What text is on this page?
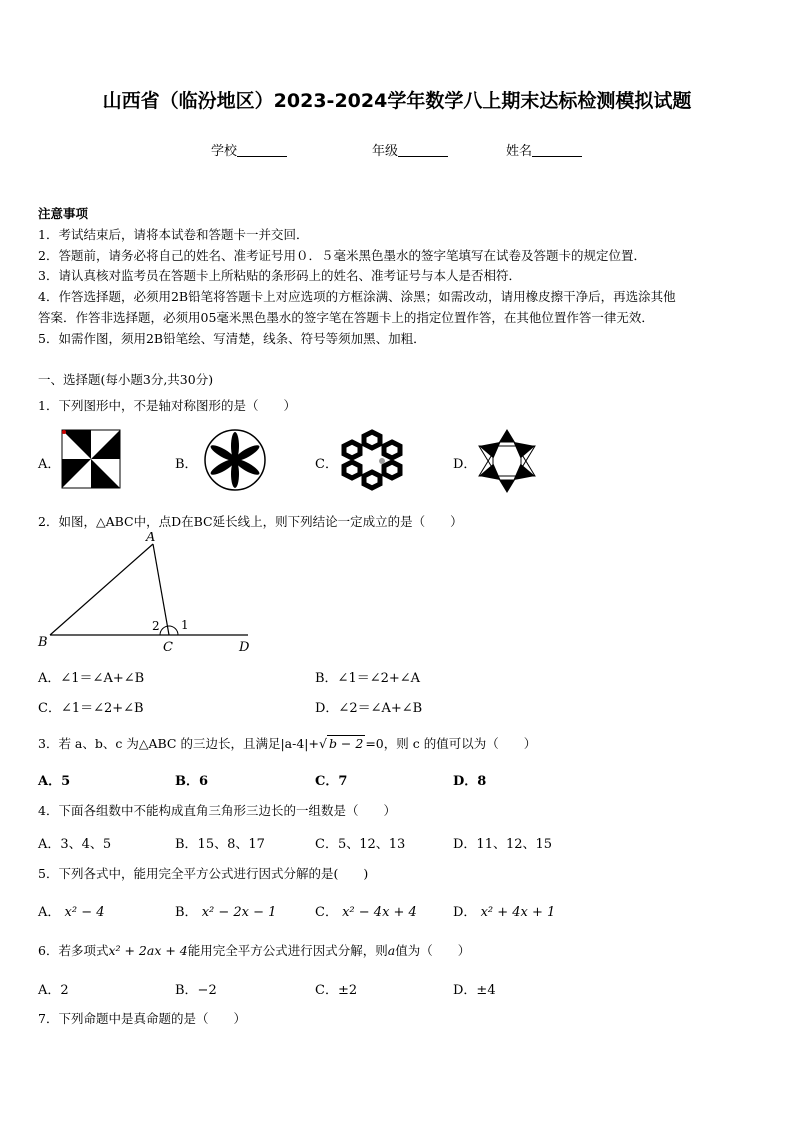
山西省（临汾地区）2023-2024学年数学八上期末达标检测模拟试题
学校	年级	姓名
注意事项
1．考试结束后，请将本试卷和答题卡一并交回．
2．答题前，请务必将自己的姓名、准考证号用０．５毫米黑色墨水的签字笔填写在试卷及答题卡的规定位置．
3．请认真核对监考员在答题卡上所粘贴的条形码上的姓名、准考证号与本人是否相符．
4．作答选择题，必须用2B铅笔将答题卡上对应选项的方框涂满、涂黑；如需改动，请用橡皮擦干净后，再选涂其他
答案．作答非选择题，必须用05毫米黑色墨水的签字笔在答题卡上的指定位置作答，在其他位置作答一律无效．
5．如需作图，须用2B铅笔绘、写清楚，线条、符号等须加黑、加粗．
一、选择题(每小题3分,共30分)
1．下列图形中，不是轴对称图形的是（　　）
A．	B．	C．	D．
2．如图，△ABC中，点D在BC延长线上，则下列结论一定成立的是（　　）
A
B	C	D
1
2
A．∠1＝∠A+∠B	B．∠1＝∠2+∠A
C．∠1＝∠2+∠B	D．∠2＝∠A+∠B
3．若 a、b、c 为△ABC 的三边长，且满足|a-4|+√ b − 2 =0，则 c 的值可以为（　　）
A．5	B．6	C．7	D．8
4．下面各组数中不能构成直角三角形三边长的一组数是（　　）
A．3、4、5	B．15、8、17	C．5、12、13	D．11、12、15
5．下列各式中，能用完全平方公式进行因式分解的是(　　)
A． x² − 4	B． x² − 2x − 1	C． x² − 4x + 4	D． x² + 4x + 1
6．若多项式x² + 2ax + 4能用完全平方公式进行因式分解，则a值为（　　）
A．2	B．−2	C．±2	D．±4
7．下列命题中是真命题的是（　　）
